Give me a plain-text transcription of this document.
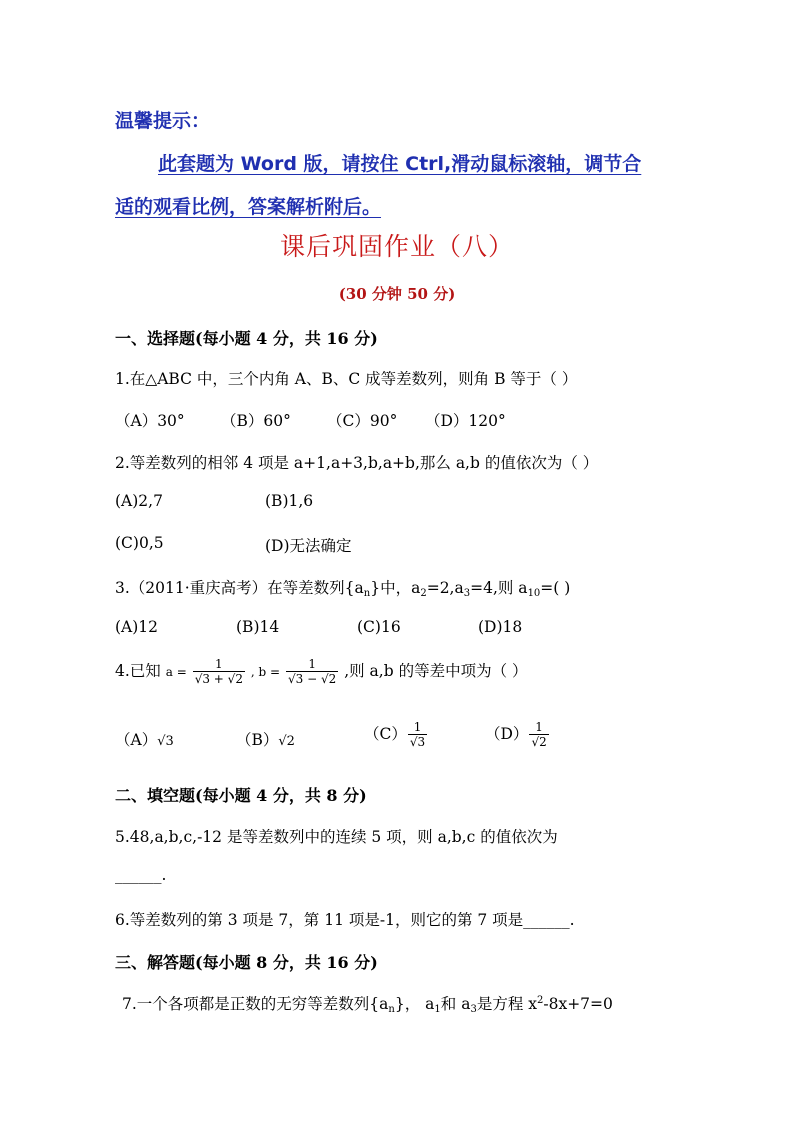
温馨提示：
此套题为 Word 版，请按住 Ctrl,滑动鼠标滚轴，调节合
适的观看比例，答案解析附后。
课后巩固作业（八）
(30 分钟 50 分)
一、选择题(每小题 4 分，共 16 分)
1.在△ABC 中，三个内角 A、B、C 成等差数列，则角 B 等于（ ）
（A）30° （B）60° （C）90° （D）120°
2.等差数列的相邻 4 项是 a+1,a+3,b,a+b,那么 a,b 的值依次为（ ）
(A)2,7	(B)1,6
(C)0,5	(D)无法确定
3.（2011·重庆高考）在等差数列$\{a_n\}$中，$a_2=2,a_3=4$,则 $a_{10}=$( )
(A)12	(B)14	(C)16	(D)18
4.已知 $a = \frac{1}{√3 + √2}$ , $b = \frac{1}{√3 - √2}$ ,则 a,b 的等差中项为（ ）
（A）√3	（B）√2	$(C) \frac{1}{√3}$	$(D) \frac{1}{√2}$
二、填空题(每小题 4 分，共 8 分)
5.48,a,b,c,-12 是等差数列中的连续 5 项，则 a,b,c 的值依次为
______.
6.等差数列的第 3 项是 7，第 11 项是-1，则它的第 7 项是______.
三、解答题(每小题 8 分，共 16 分)
7.一个各项都是正数的无穷等差数列$\{a_n\}$， $a_1$和 $a_3$是方程 $x^2-8x+7=0$
